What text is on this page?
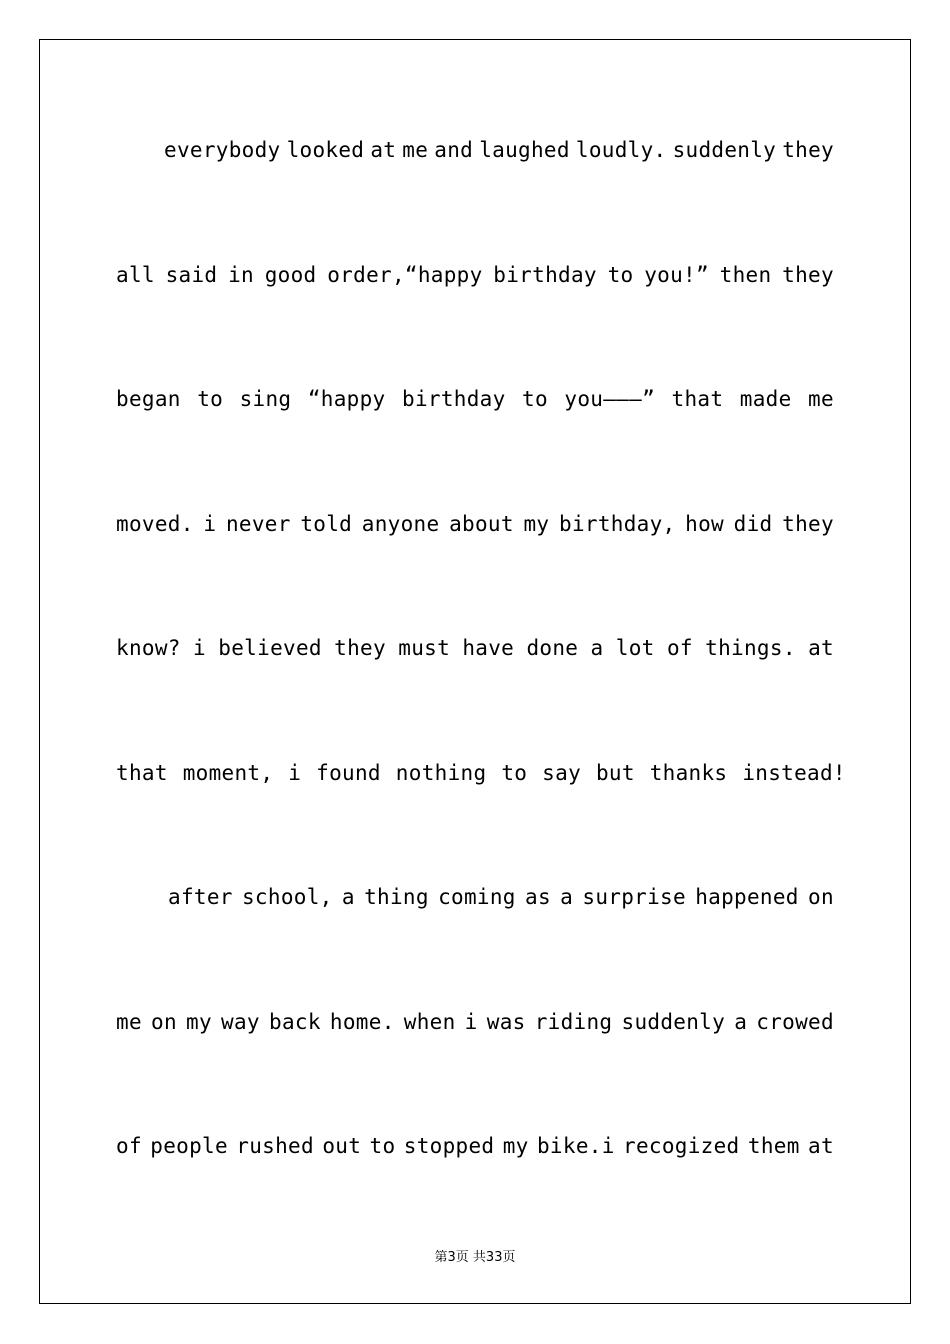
everybody looked at me and laughed loudly. suddenly they
all said in good order,“happy birthday to you!” then they
began to sing “happy birthday to you———” that made me
moved. i never told anyone about my birthday, how did they
know? i believed they must have done a lot of things. at
that moment, i found nothing to say but thanks instead!
after school, a thing coming as a surprise happened on
me on my way back home. when i was riding suddenly a crowed
of people rushed out to stopped my bike.i recogized them at
第3页 共33页
